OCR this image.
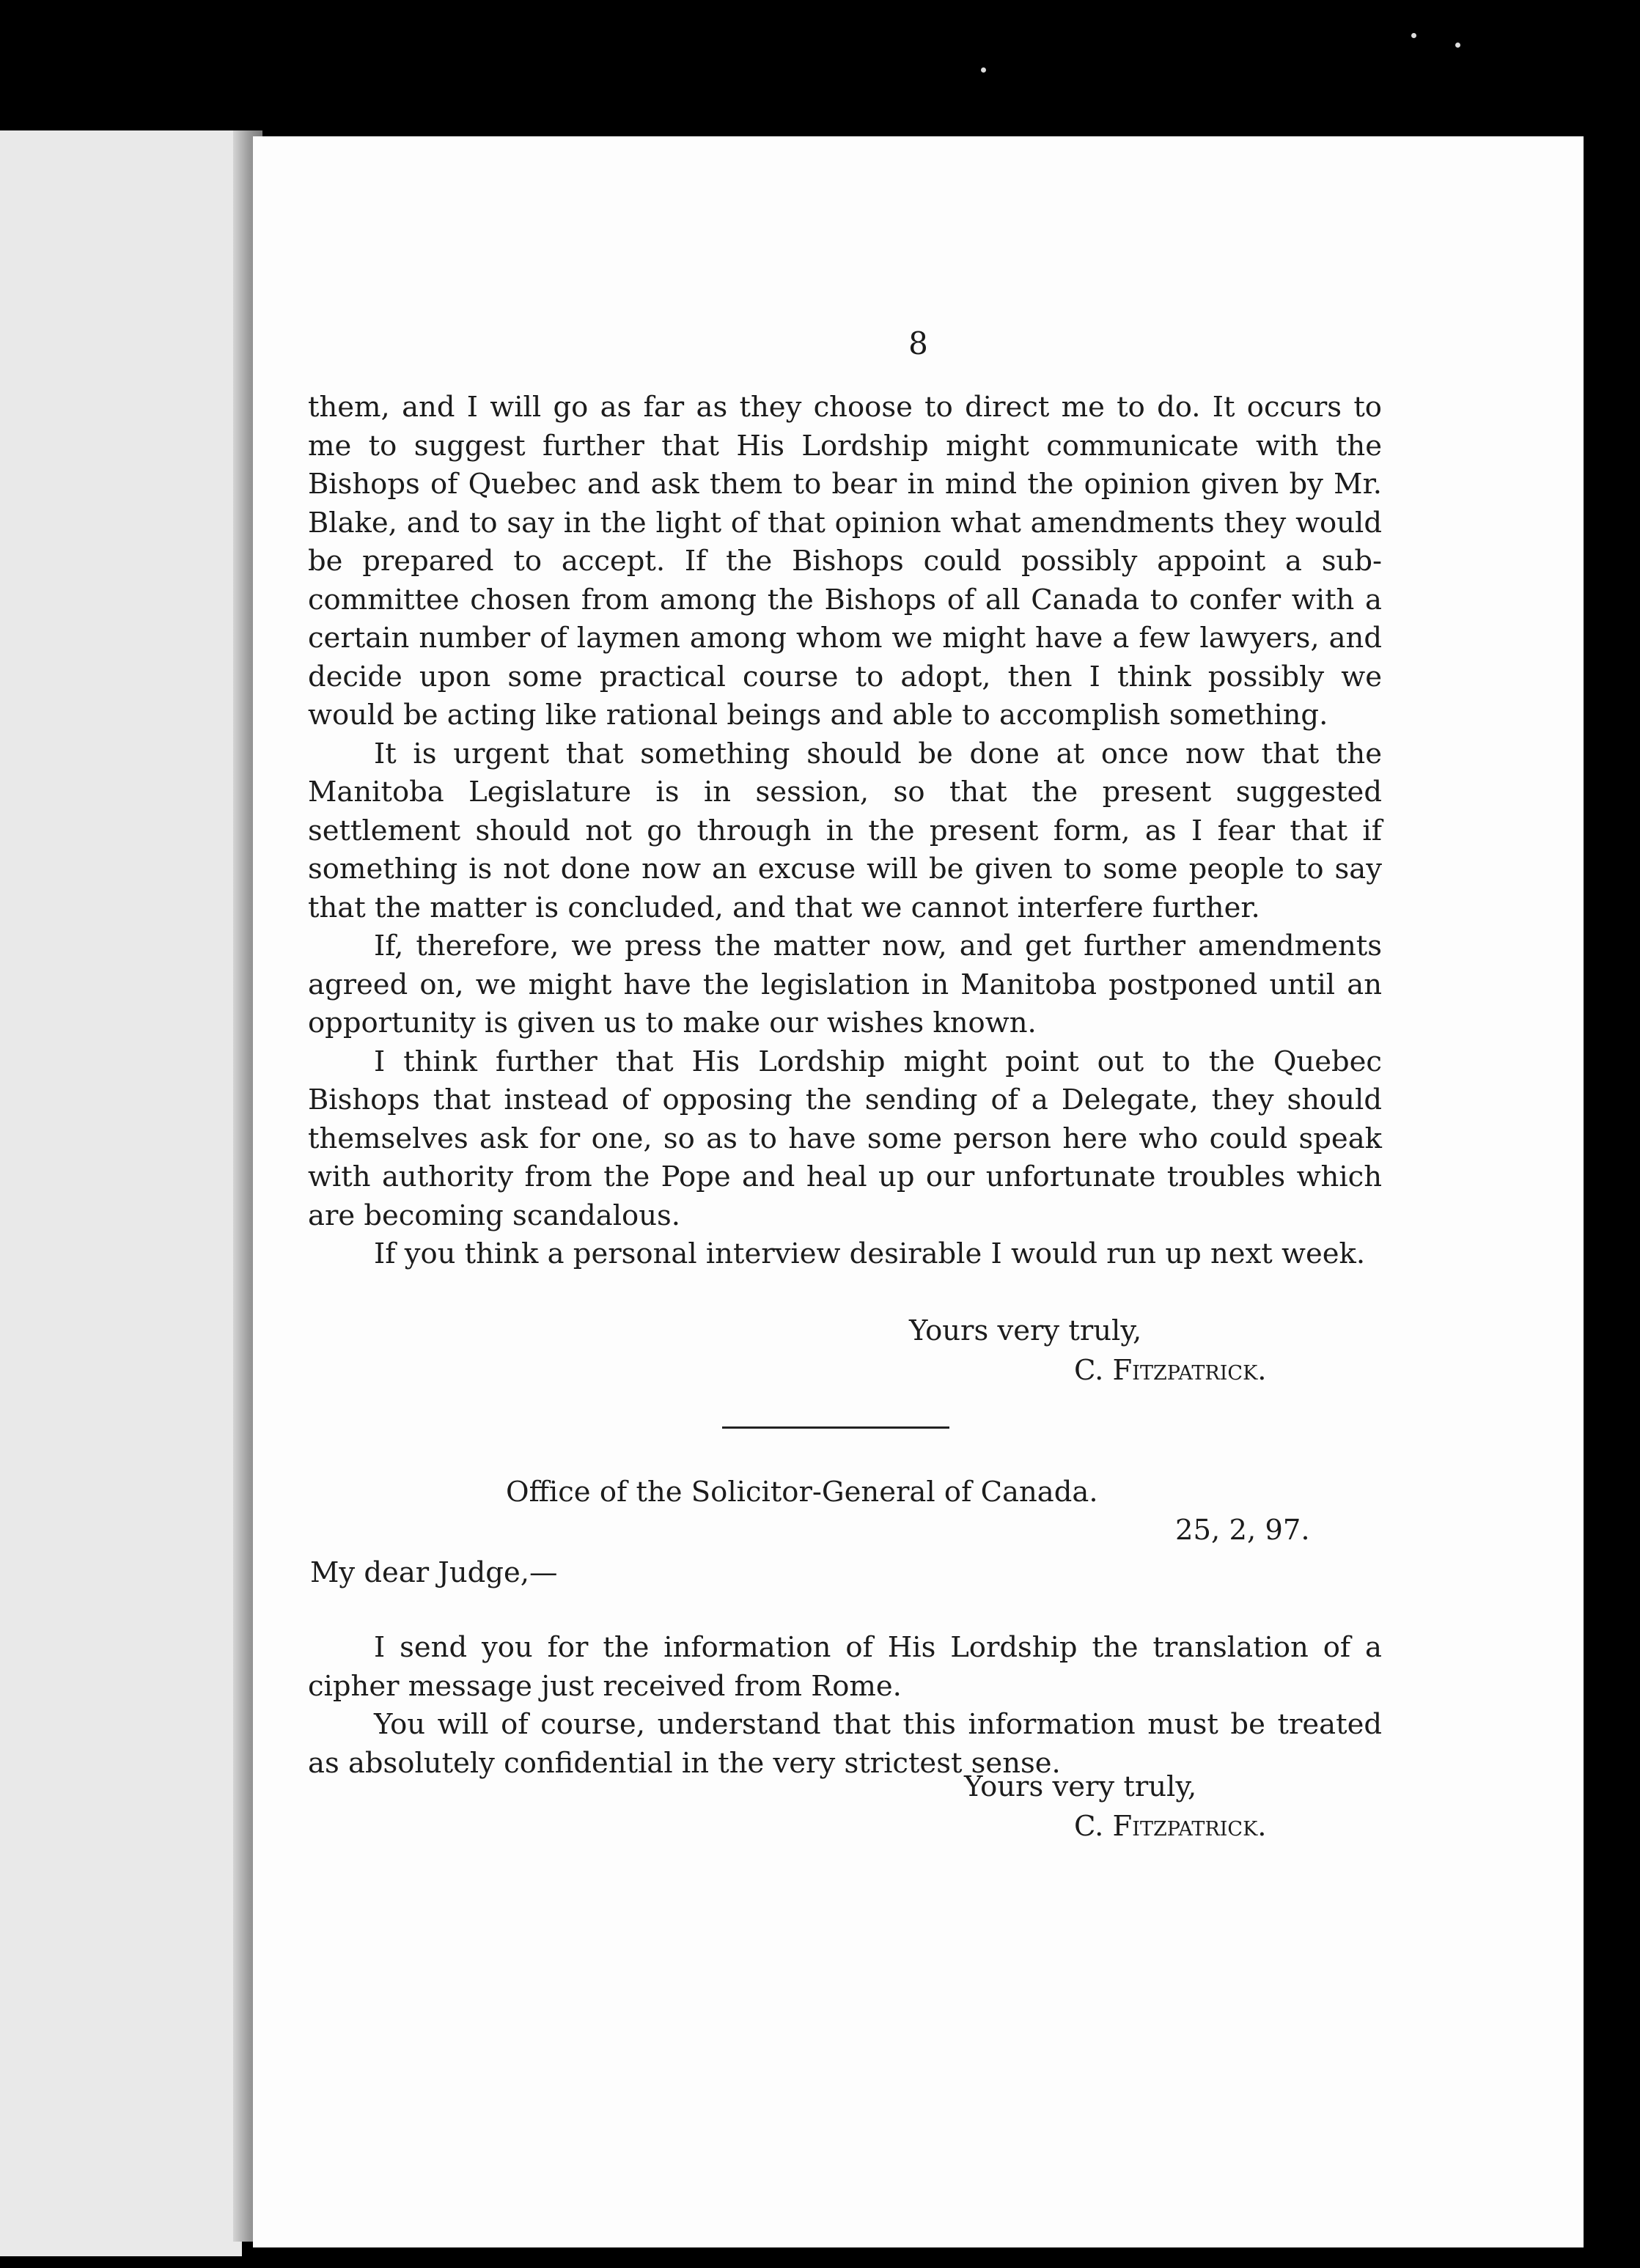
8

them, and I will go as far as they choose to direct me to do. It occurs to me to suggest further that His Lordship might communicate with the Bishops of Quebec and ask them to bear in mind the opinion given by Mr. Blake, and to say in the light of that opinion what amendments they would be prepared to accept. If the Bishops could possibly appoint a sub-committee chosen from among the Bishops of all Canada to confer with a certain number of laymen among whom we might have a few lawyers, and decide upon some practical course to adopt, then I think possibly we would be acting like rational beings and able to accomplish something.

It is urgent that something should be done at once now that the Manitoba Legislature is in session, so that the present suggested settlement should not go through in the present form, as I fear that if something is not done now an excuse will be given to some people to say that the matter is concluded, and that we cannot interfere further.

If, therefore, we press the matter now, and get further amendments agreed on, we might have the legislation in Manitoba postponed until an opportunity is given us to make our wishes known.

I think further that His Lordship might point out to the Quebec Bishops that instead of opposing the sending of a Delegate, they should themselves ask for one, so as to have some person here who could speak with authority from the Pope and heal up our unfortunate troubles which are becoming scandalous.

If you think a personal interview desirable I would run up next week.

Yours very truly,
C. Fitzpatrick.
Office of the Solicitor-General of Canada.
25, 2, 97.
My dear Judge,—

I send you for the information of His Lordship the translation of a cipher message just received from Rome.

You will of course, understand that this information must be treated as absolutely confidential in the very strictest sense.

Yours very truly,
C. Fitzpatrick.
